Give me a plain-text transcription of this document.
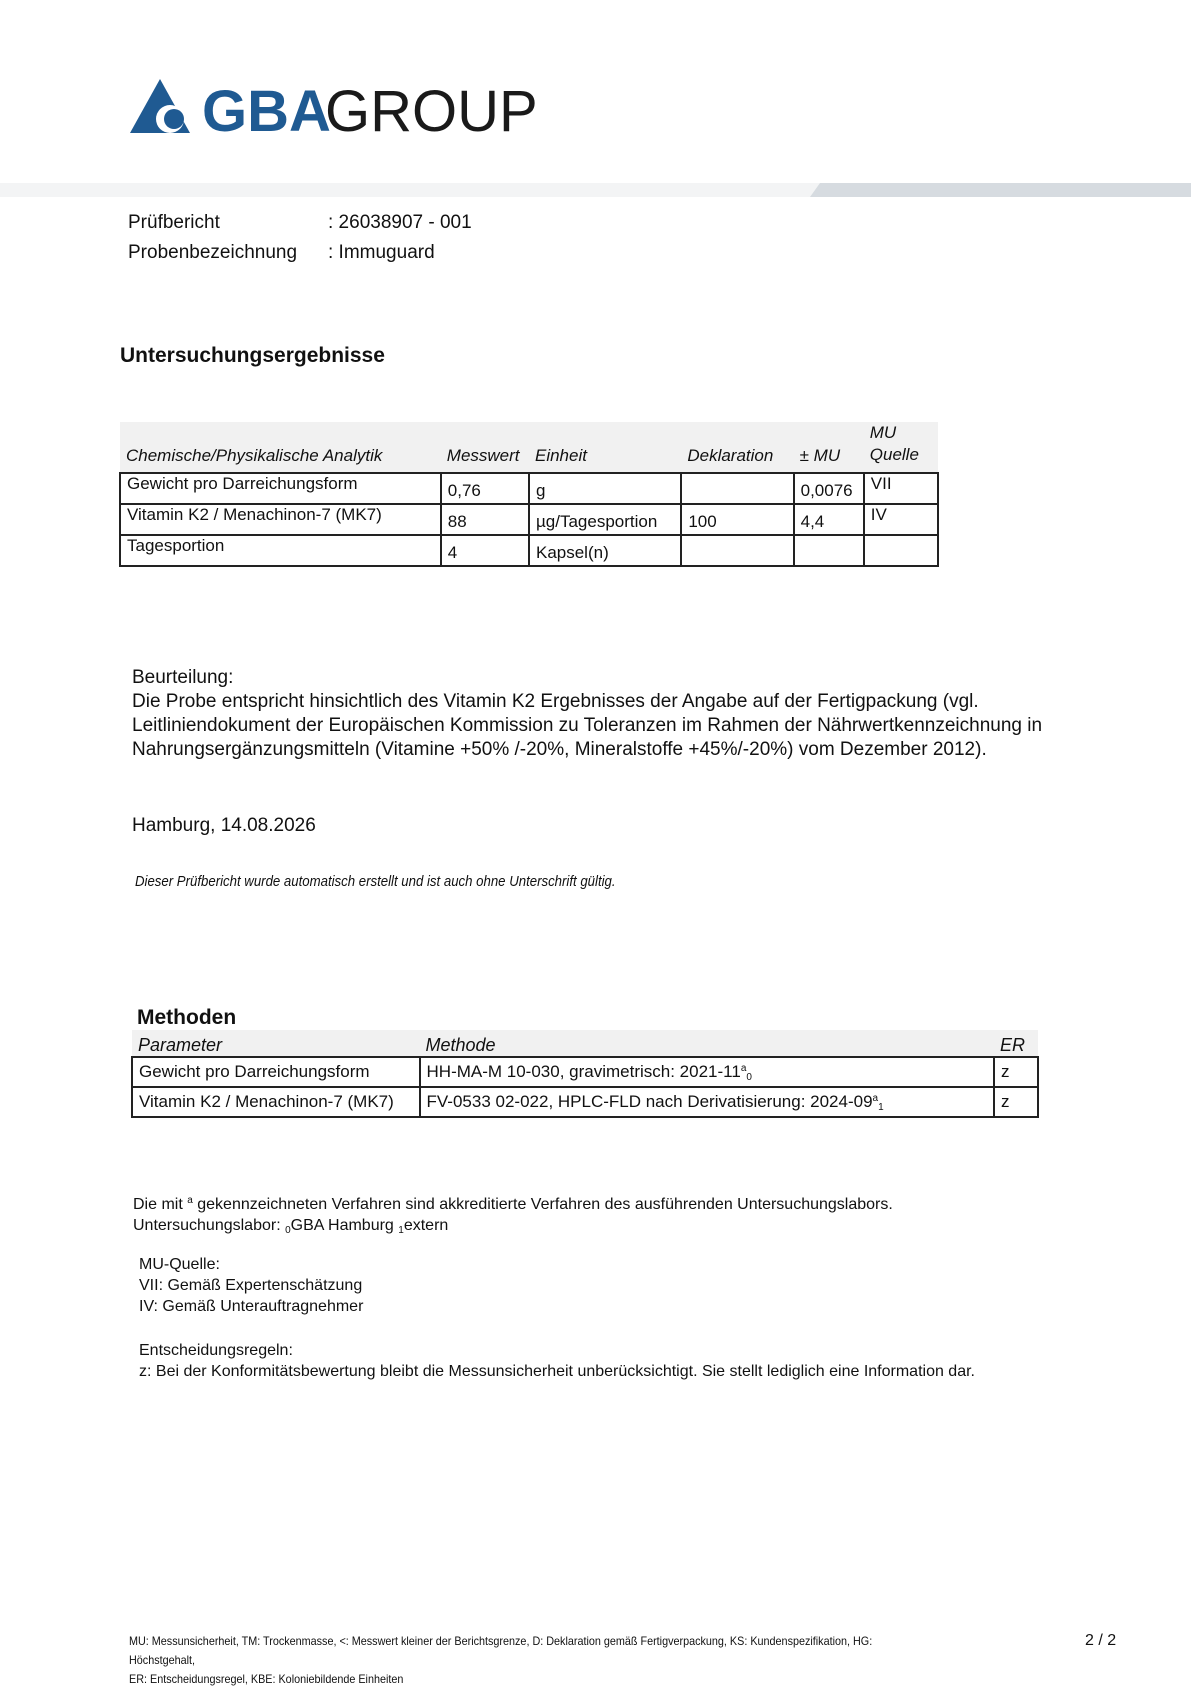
GBA
GROUP
Prüfbericht	: 26038907 - 001
Probenbezeichnung	: Immuguard
Untersuchungsergebnisse
Chemische/Physikalische Analytik	Messwert	Einheit	Deklaration	± MU	MU Quelle
Gewicht pro Darreichungsform	0,76	g		0,0076	VII
Vitamin K2 / Menachinon-7 (MK7)	88	µg/Tagesportion	100	4,4	IV
Tagesportion	4	Kapsel(n)			
Beurteilung:
Die Probe entspricht hinsichtlich des Vitamin K2 Ergebnisses der Angabe auf der Fertigpackung (vgl. Leitliniendokument der Europäischen Kommission zu Toleranzen im Rahmen der Nährwertkennzeichnung in Nahrungsergänzungsmitteln (Vitamine +50% /-20%, Mineralstoffe +45%/-20%) vom Dezember 2012).
Hamburg, 14.08.2026
Dieser Prüfbericht wurde automatisch erstellt und ist auch ohne Unterschrift gültig.
Methoden
Parameter	Methode	ER
Gewicht pro Darreichungsform	HH-MA-M 10-030, gravimetrisch: $2021-11^a_0$	z
Vitamin K2 / Menachinon-7 (MK7)	FV-0533 02-022, HPLC-FLD nach Derivatisierung: $2024-09^a_1$	z
Die mit $^a$ gekennzeichneten Verfahren sind akkreditierte Verfahren des ausführenden Untersuchungslabors.
Untersuchungslabor: $_0$GBA Hamburg $_1$extern
MU-Quelle:
VII: Gemäß Expertenschätzung
IV: Gemäß Unterauftragnehmer
Entscheidungsregeln:
z: Bei der Konformitätsbewertung bleibt die Messunsicherheit unberücksichtigt. Sie stellt lediglich eine Information dar.
MU: Messunsicherheit, TM: Trockenmasse, <: Messwert kleiner der Berichtsgrenze, D: Deklaration gemäß Fertigverpackung, KS: Kundenspezifikation, HG: Höchstgehalt,
ER: Entscheidungsregel, KBE: Koloniebildende Einheiten
2 / 2
